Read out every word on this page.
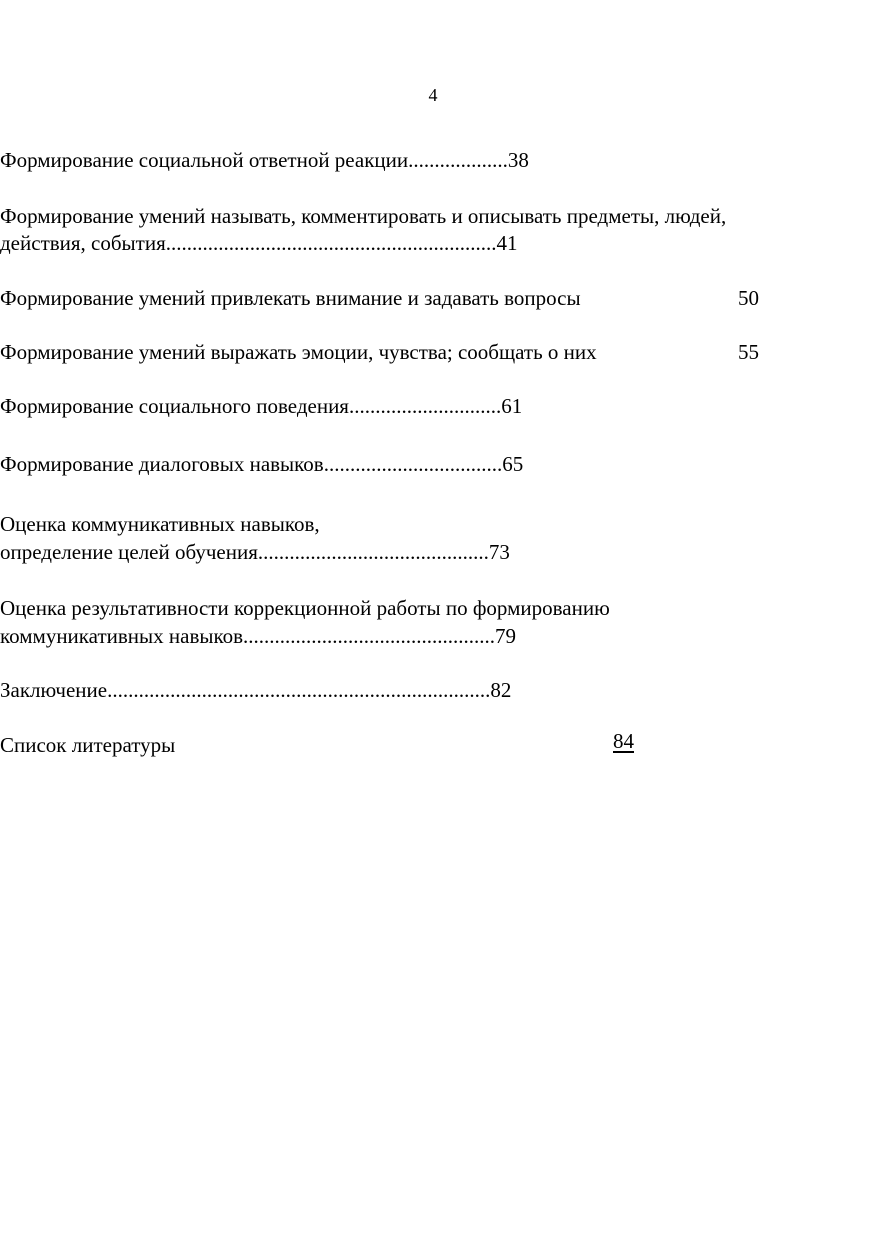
4
Формирование социальной ответной реакции...................38
Формирование умений называть, комментировать и описывать предметы, людей,
действия, события...............................................................41
Формирование умений привлекать внимание и задавать вопросы	50
Формирование умений выражать эмоции, чувства; сообщать о них	55
Формирование социального поведения.............................61
Формирование диалоговых навыков..................................65
Оценка коммуникативных навыков,
определение целей обучения............................................73
Оценка результативности коррекционной работы по формированию
коммуникативных навыков................................................79
Заключение.........................................................................82
Список литературы	84
